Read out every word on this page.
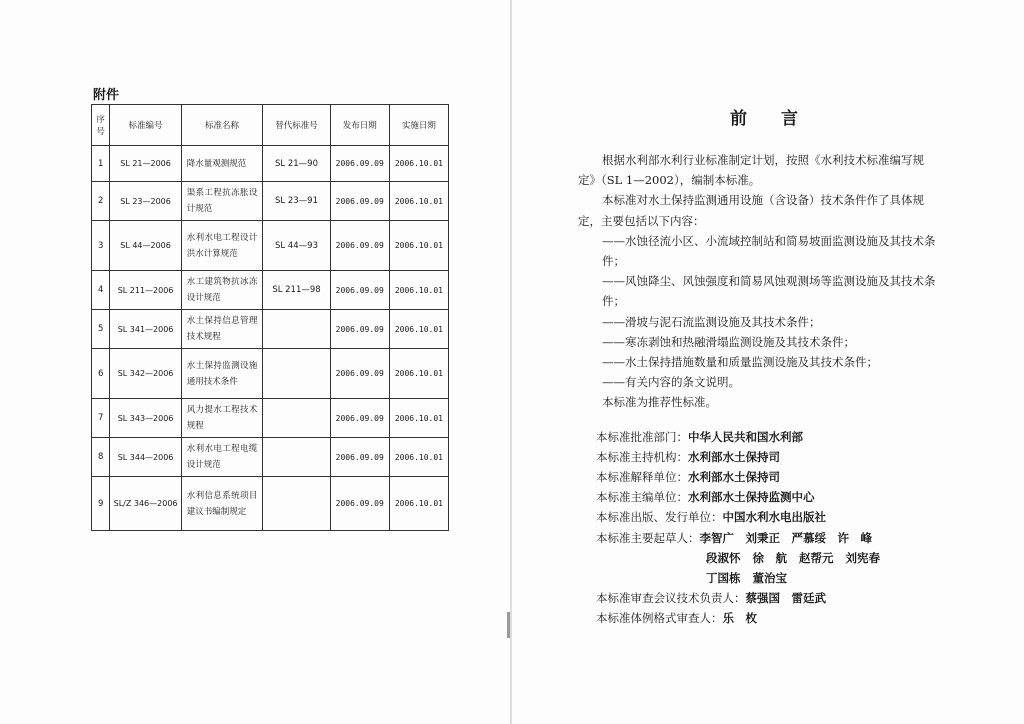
附件
序号	标准编号	标准名称	替代标准号	发布日期	实施日期
1	SL 21—2006	降水量观测规范	SL 21—90	2006.09.09	2006.10.01
2	SL 23—2006	渠系工程抗冻胀设计规范	SL 23—91	2006.09.09	2006.10.01
3	SL 44—2006	水利水电工程设计洪水计算规范	SL 44—93	2006.09.09	2006.10.01
4	SL 211—2006	水工建筑物抗冰冻设计规范	SL 211—98	2006.09.09	2006.10.01
5	SL 341—2006	水土保持信息管理技术规程		2006.09.09	2006.10.01
6	SL 342—2006	水土保持监测设施通用技术条件		2006.09.09	2006.10.01
7	SL 343—2006	风力提水工程技术规程		2006.09.09	2006.10.01
8	SL 344—2006	水利水电工程电缆设计规范		2006.09.09	2006.10.01
9	SL/Z 346—2006	水利信息系统项目建议书编制规定		2006.09.09	2006.10.01
前言

根据水利部水利行业标准制定计划，按照《水利技术标准编写规定》（SL 1—2002），编制本标准。

本标准对水土保持监测通用设施（含设备）技术条件作了具体规定，主要包括以下内容：

——水蚀径流小区、小流域控制站和简易坡面监测设施及其技术条件；

——风蚀降尘、风蚀强度和简易风蚀观测场等监测设施及其技术条件；

——滑坡与泥石流监测设施及其技术条件；

——寒冻剥蚀和热融滑塌监测设施及其技术条件；

——水土保持措施数量和质量监测设施及其技术条件；

——有关内容的条文说明。

本标准为推荐性标准。

本标准批准部门：中华人民共和国水利部

本标准主持机构：水利部水土保持司

本标准解释单位：水利部水土保持司

本标准主编单位：水利部水土保持监测中心

本标准出版、发行单位：中国水利水电出版社

本标准主要起草人：李智广　刘秉正　严慕绥　许　峰

段淑怀 徐　航 赵帮元 刘宪春

丁国栋 董治宝

本标准审查会议技术负责人：蔡强国　雷廷武

本标准体例格式审查人：乐　枚
